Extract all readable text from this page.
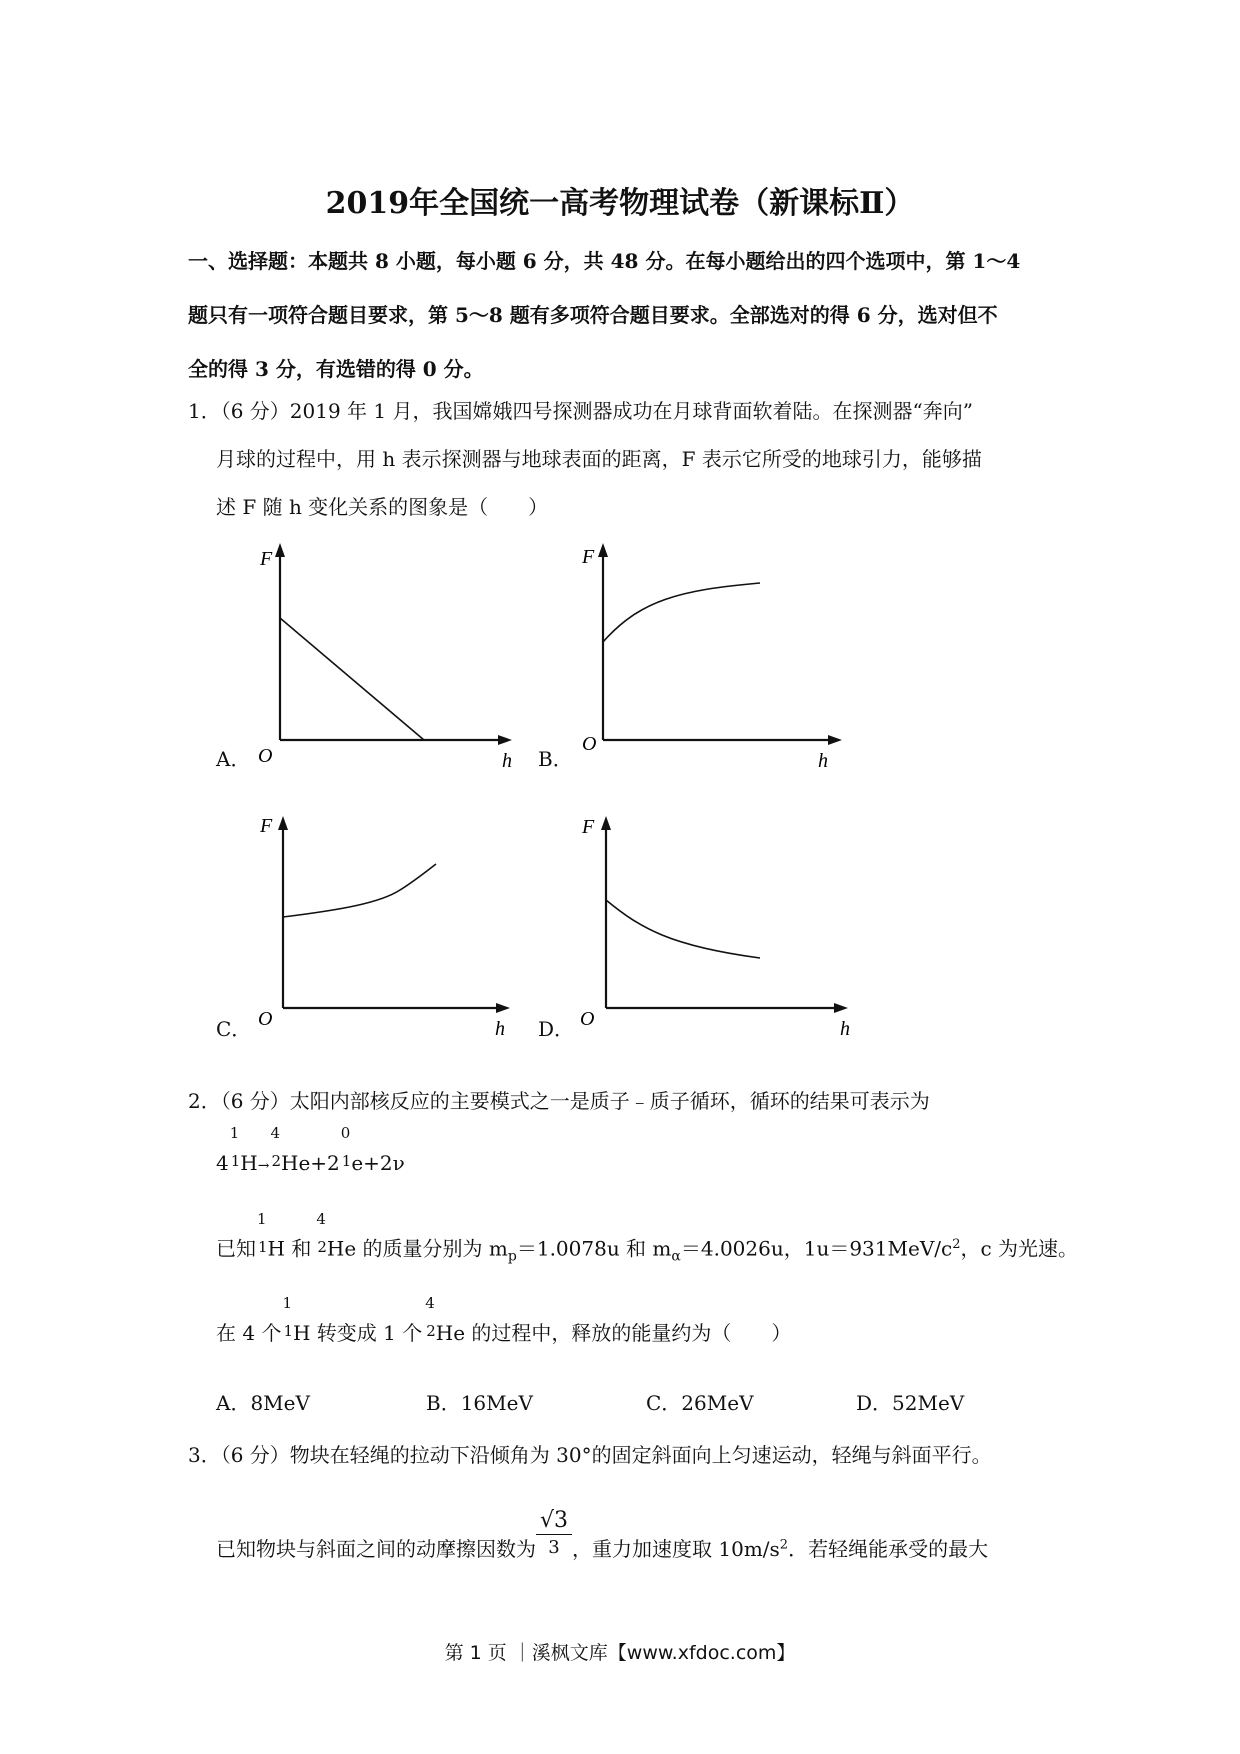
2019年全国统一高考物理试卷（新课标Ⅱ）
一、选择题：本题共 8 小题，每小题 6 分，共 48 分。在每小题给出的四个选项中，第 1～4
题只有一项符合题目要求，第 5～8 题有多项符合题目要求。全部选对的得 6 分，选对但不
全的得 3 分，有选错的得 0 分。
1．（6 分）2019 年 1 月，我国嫦娥四号探测器成功在月球背面软着陆。在探测器“奔向”
月球的过程中，用 h 表示探测器与地球表面的距离，F 表示它所受的地球引力，能够描
述 F 随 h 变化关系的图象是（　　）
F
O	h
A．
F
O
h
B．
F
O	h
C．
F
O	h
D．
2．（6 分）太阳内部核反应的主要模式之一是质子﹣质子循环，循环的结果可表示为
4
1
$^1$H→
4
$^2$He+2
0
$^1$e+2ν
已知
1
$^1$H 和
4
$^2$He 的质量分别为 $m_p=1.0078u$ 和 $m_\alpha=4.0026u$，$1u=931MeV/c^2$，c 为光速。
在 4 个
1
$^1$H 转变成 1 个
4
$^2$He 的过程中，释放的能量约为（　　）
A．8MeV	B．16MeV	C．26MeV	D．52MeV
3．（6 分）物块在轻绳的拉动下沿倾角为 30°的固定斜面向上匀速运动，轻绳与斜面平行。
已知物块与斜面之间的动摩擦因数为 $\frac{√3}{3}$ ，重力加速度取 $10m/s^2$．若轻绳能承受的最大
第 1 页 ｜溪枫文库【www.xfdoc.com】
